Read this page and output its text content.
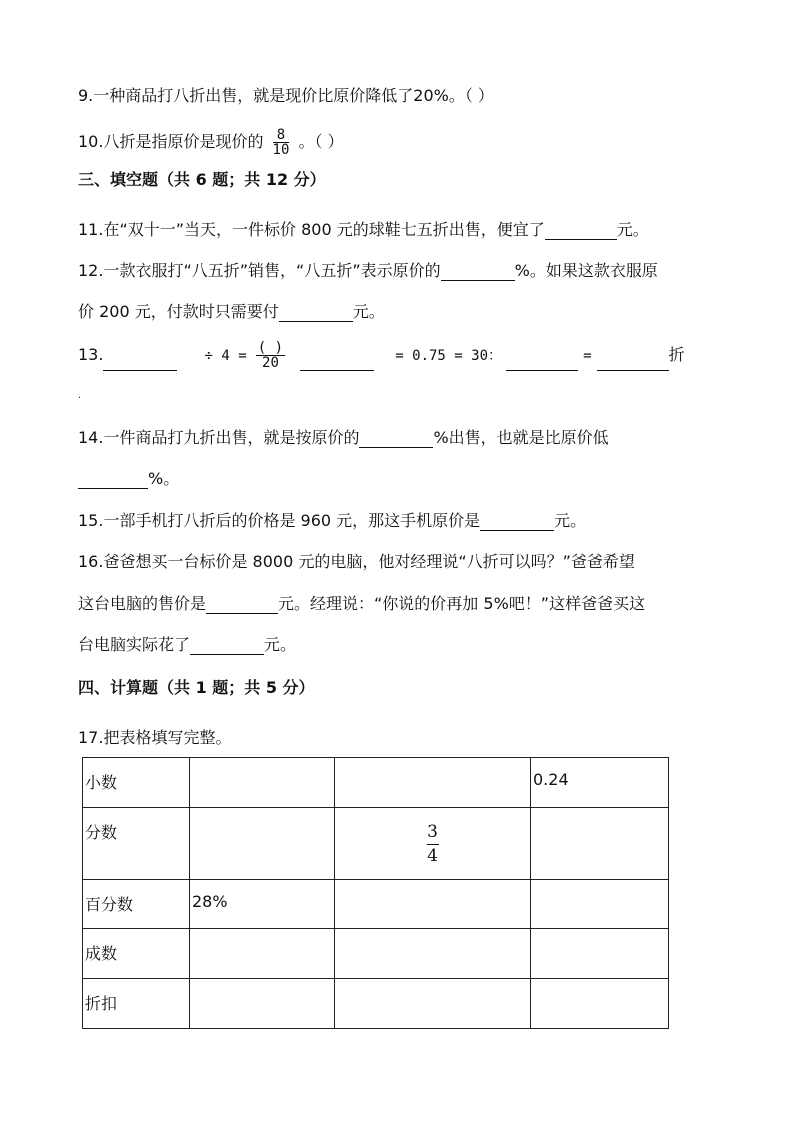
9.一种商品打八折出售，就是现价比原价降低了20%。（ ）
10.八折是指原价是现价的 $\frac{8}{10}$ 。（ ）
三、填空题（共 6 题；共 12 分）
11.在“双十一”当天，一件标价 800 元的球鞋七五折出售，便宜了	元。
12.一款衣服打“八五折”销售，“八五折”表示原价的	%。如果这款衣服原
价 200 元，付款时只需要付	元。
13.	÷ $4 = \frac{( )}{20}$	= 0.75 = 30：	=	折
.
14.一件商品打九折出售，就是按原价的	%出售，也就是比原价低
%。
15.一部手机打八折后的价格是 960 元，那这手机原价是	元。
16.爸爸想买一台标价是 8000 元的电脑，他对经理说“八折可以吗？”爸爸希望
这台电脑的售价是	元。经理说：“你说的价再加 5%吧！”这样爸爸买这
台电脑实际花了	元。
四、计算题（共 1 题；共 5 分）
17.把表格填写完整。
小数			0.24

分数		$\frac{3}{4}$

百分数	28%		

成数			

折扣			
